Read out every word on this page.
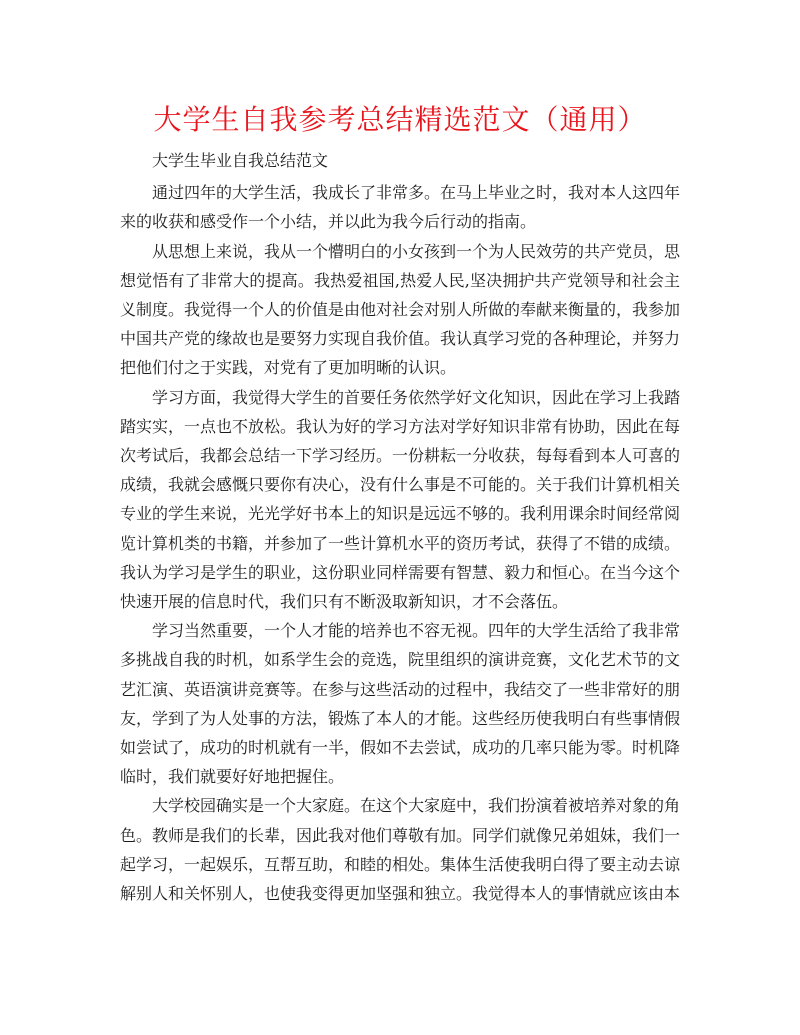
大学生自我参考总结精选范文（通用）

大学生毕业自我总结范文

通过四年的大学生活，我成长了非常多。在马上毕业之时，我对本人这四年来的收获和感受作一个小结，并以此为我今后行动的指南。

从思想上来说，我从一个懵明白的小女孩到一个为人民效劳的共产党员，思想觉悟有了非常大的提高。我热爱祖国,热爱人民,坚决拥护共产党领导和社会主义制度。我觉得一个人的价值是由他对社会对别人所做的奉献来衡量的，我参加中国共产党的缘故也是要努力实现自我价值。我认真学习党的各种理论，并努力把他们付之于实践，对党有了更加明晰的认识。

学习方面，我觉得大学生的首要任务依然学好文化知识，因此在学习上我踏踏实实，一点也不放松。我认为好的学习方法对学好知识非常有协助，因此在每次考试后，我都会总结一下学习经历。一份耕耘一分收获，每每看到本人可喜的成绩，我就会感慨只要你有决心，没有什么事是不可能的。关于我们计算机相关专业的学生来说，光光学好书本上的知识是远远不够的。我利用课余时间经常阅览计算机类的书籍，并参加了一些计算机水平的资历考试，获得了不错的成绩。我认为学习是学生的职业，这份职业同样需要有智慧、毅力和恒心。在当今这个快速开展的信息时代，我们只有不断汲取新知识，才不会落伍。

学习当然重要，一个人才能的培养也不容无视。四年的大学生活给了我非常多挑战自我的时机，如系学生会的竞选，院里组织的演讲竞赛，文化艺术节的文艺汇演、英语演讲竞赛等。在参与这些活动的过程中，我结交了一些非常好的朋友，学到了为人处事的方法，锻炼了本人的才能。这些经历使我明白有些事情假如尝试了，成功的时机就有一半，假如不去尝试，成功的几率只能为零。时机降临时，我们就要好好地把握住。

大学校园确实是一个大家庭。在这个大家庭中，我们扮演着被培养对象的角色。教师是我们的长辈，因此我对他们尊敬有加。同学们就像兄弟姐妹，我们一起学习，一起娱乐，互帮互助，和睦的相处。集体生活使我明白得了要主动去谅解别人和关怀别人，也使我变得更加坚强和独立。我觉得本人的事情就应该由本
